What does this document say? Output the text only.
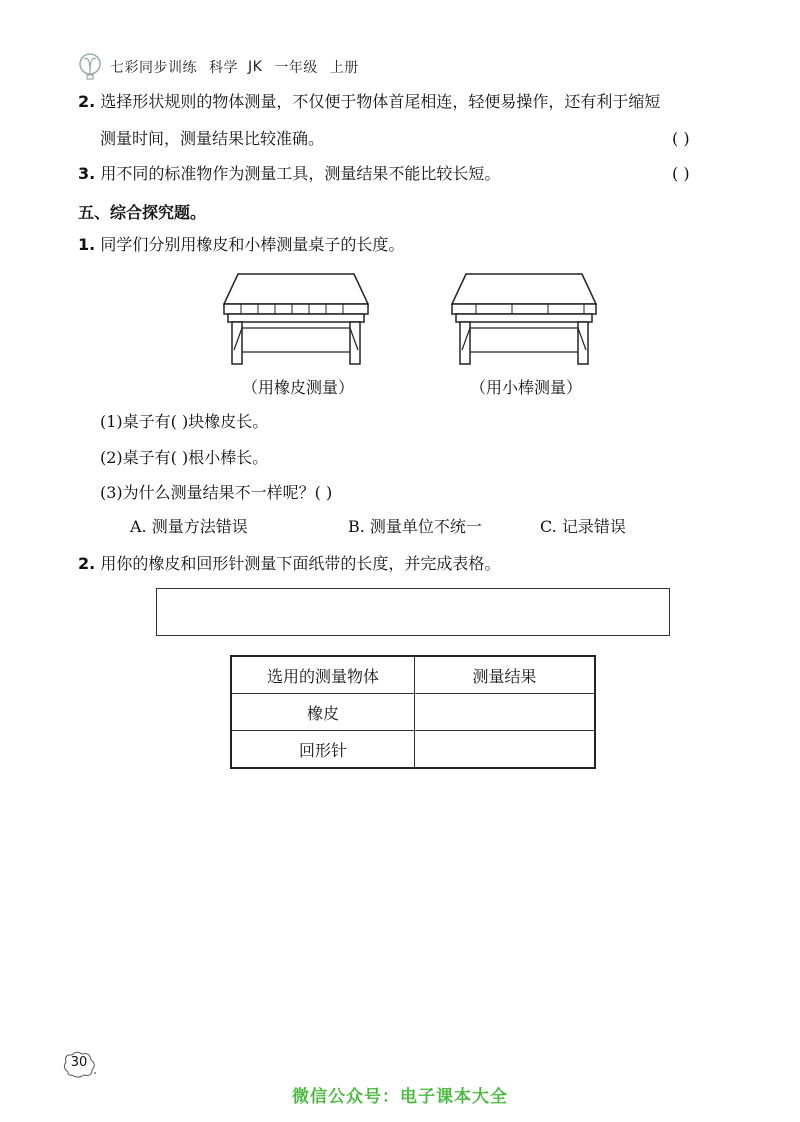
七彩同步训练 科学 JK 一年级 上册
2. 选择形状规则的物体测量，不仅便于物体首尾相连，轻便易操作，还有利于缩短
测量时间，测量结果比较准确。	( )
3. 用不同的标准物作为测量工具，测量结果不能比较长短。	( )
五、综合探究题。
1. 同学们分别用橡皮和小棒测量桌子的长度。
（用橡皮测量）	（用小棒测量）
(1)桌子有( )块橡皮长。
(2)桌子有( )根小棒长。
(3)为什么测量结果不一样呢？( )
A. 测量方法错误	B. 测量单位不统一	C. 记录错误
2. 用你的橡皮和回形针测量下面纸带的长度，并完成表格。
选用的测量物体	测量结果
橡皮	
回形针	
30
微信公众号：电子课本大全
